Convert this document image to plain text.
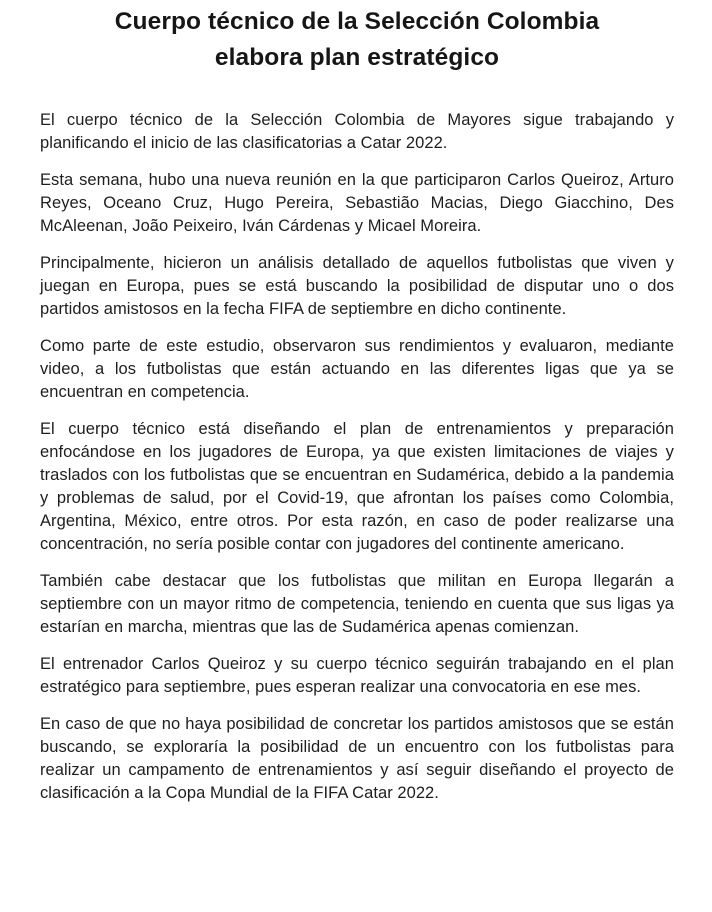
Cuerpo técnico de la Selección Colombia elabora plan estratégico

El cuerpo técnico de la Selección Colombia de Mayores sigue trabajando y planificando el inicio de las clasificatorias a Catar 2022.

Esta semana, hubo una nueva reunión en la que participaron Carlos Queiroz, Arturo Reyes, Oceano Cruz, Hugo Pereira, Sebastião Macias, Diego Giacchino, Des McAleenan, João Peixeiro, Iván Cárdenas y Micael Moreira.

Principalmente, hicieron un análisis detallado de aquellos futbolistas que viven y juegan en Europa, pues se está buscando la posibilidad de disputar uno o dos partidos amistosos en la fecha FIFA de septiembre en dicho continente.

Como parte de este estudio, observaron sus rendimientos y evaluaron, mediante video, a los futbolistas que están actuando en las diferentes ligas que ya se encuentran en competencia.

El cuerpo técnico está diseñando el plan de entrenamientos y preparación enfocándose en los jugadores de Europa, ya que existen limitaciones de viajes y traslados con los futbolistas que se encuentran en Sudamérica, debido a la pandemia y problemas de salud, por el Covid-19, que afrontan los países como Colombia, Argentina, México, entre otros. Por esta razón, en caso de poder realizarse una concentración, no sería posible contar con jugadores del continente americano.

También cabe destacar que los futbolistas que militan en Europa llegarán a septiembre con un mayor ritmo de competencia, teniendo en cuenta que sus ligas ya estarían en marcha, mientras que las de Sudamérica apenas comienzan.

El entrenador Carlos Queiroz y su cuerpo técnico seguirán trabajando en el plan estratégico para septiembre, pues esperan realizar una convocatoria en ese mes.

En caso de que no haya posibilidad de concretar los partidos amistosos que se están buscando, se exploraría la posibilidad de un encuentro con los futbolistas para realizar un campamento de entrenamientos y así seguir diseñando el proyecto de clasificación a la Copa Mundial de la FIFA Catar 2022.
